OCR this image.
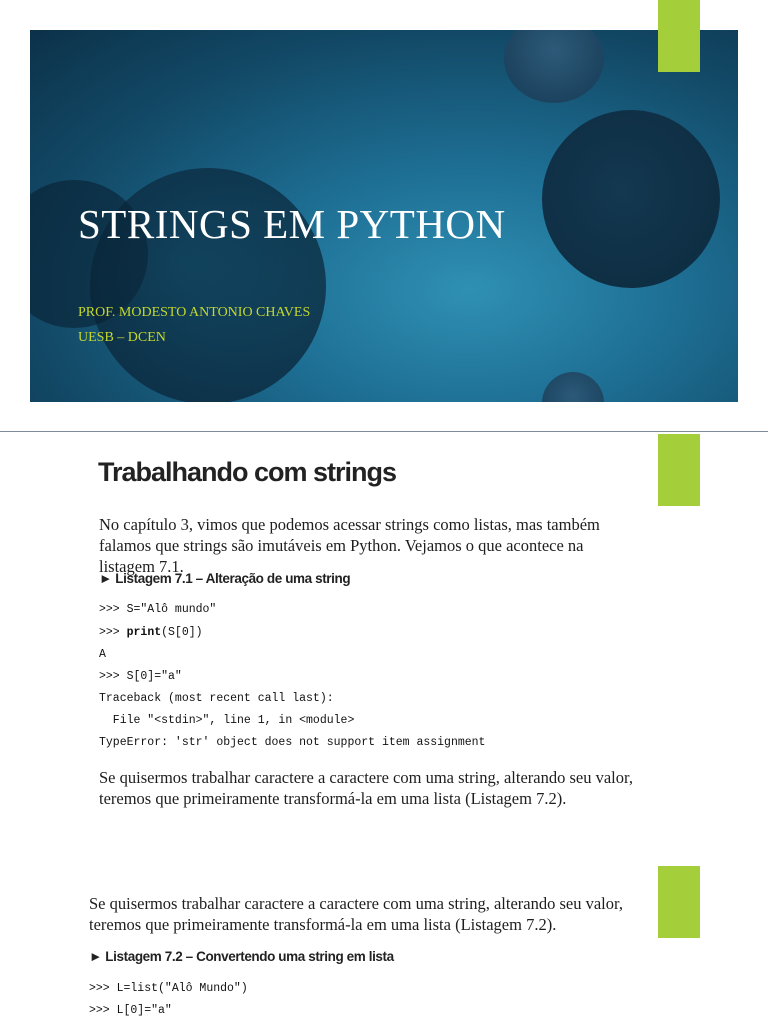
STRINGS EM PYTHON
PROF. MODESTO ANTONIO CHAVES
UESB – DCEN
Trabalhando com strings
No capítulo 3, vimos que podemos acessar strings como listas, mas também falamos que strings são imutáveis em Python. Vejamos o que acontece na listagem 7.1.
► Listagem 7.1 – Alteração de uma string
>>> S="Alô mundo"
>>> print(S[0])
A
>>> S[0]="a"
Traceback (most recent call last):
File "<stdin>", line 1, in <module>
TypeError: 'str' object does not support item assignment
Se quisermos trabalhar caractere a caractere com uma string, alterando seu valor, teremos que primeiramente transformá-la em uma lista (Listagem 7.2).
Se quisermos trabalhar caractere a caractere com uma string, alterando seu valor, teremos que primeiramente transformá-la em uma lista (Listagem 7.2).
► Listagem 7.2 – Convertendo uma string em lista
>>> L=list("Alô Mundo")
>>> L[0]="a"
